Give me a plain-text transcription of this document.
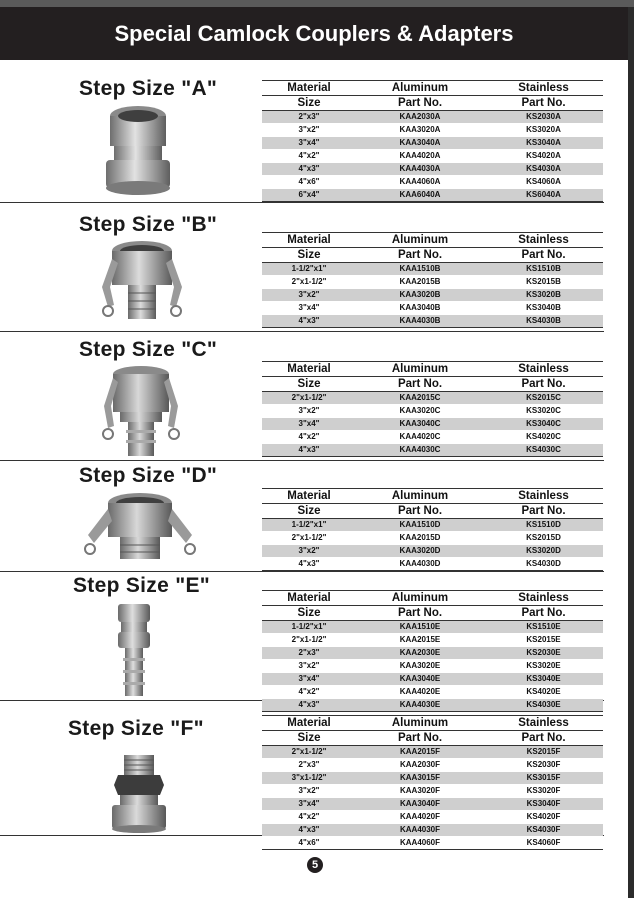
Special Camlock Couplers & Adapters
Step Size "A"	Material	Aluminum	Stainless
Size	Part No.	Part No.
2"x3"	KAA2030A	KS2030A
3"x2"	KAA3020A	KS3020A
3"x4"	KAA3040A	KS3040A
4"x2"	KAA4020A	KS4020A
4"x3"	KAA4030A	KS4030A
4"x6"	KAA4060A	KS4060A
6"x4"	KAA6040A	KS6040A
Step Size "B"
Material	Aluminum	Stainless
Size	Part No.	Part No.
1-1/2"x1"	KAA1510B	KS1510B
2"x1-1/2"	KAA2015B	KS2015B
3"x2"	KAA3020B	KS3020B
3"x4"	KAA3040B	KS3040B
4"x3"	KAA4030B	KS4030B
Step Size "C"
Material	Aluminum	Stainless
Size	Part No.	Part No.
2"x1-1/2"	KAA2015C	KS2015C
3"x2"	KAA3020C	KS3020C
3"x4"	KAA3040C	KS3040C
4"x2"	KAA4020C	KS4020C
4"x3"	KAA4030C	KS4030C
Step Size "D"
Material	Aluminum	Stainless
Size	Part No.	Part No.
1-1/2"x1"	KAA1510D	KS1510D
2"x1-1/2"	KAA2015D	KS2015D
3"x2"	KAA3020D	KS3020D
4"x3"	KAA4030D	KS4030D
Step Size "E"
Material	Aluminum	Stainless
Size	Part No.	Part No.
1-1/2"x1"	KAA1510E	KS1510E
2"x1-1/2"	KAA2015E	KS2015E
2"x3"	KAA2030E	KS2030E
3"x2"	KAA3020E	KS3020E
3"x4"	KAA3040E	KS3040E
4"x2"	KAA4020E	KS4020E
4"x3"	KAA4030E	KS4030E
Step Size "F"	Material	Aluminum	Stainless
Size	Part No.	Part No.
2"x1-1/2"	KAA2015F	KS2015F
2"x3"	KAA2030F	KS2030F
3"x1-1/2"	KAA3015F	KS3015F
3"x2"	KAA3020F	KS3020F
3"x4"	KAA3040F	KS3040F
4"x2"	KAA4020F	KS4020F
4"x3"	KAA4030F	KS4030F
4"x6"	KAA4060F	KS4060F
5
